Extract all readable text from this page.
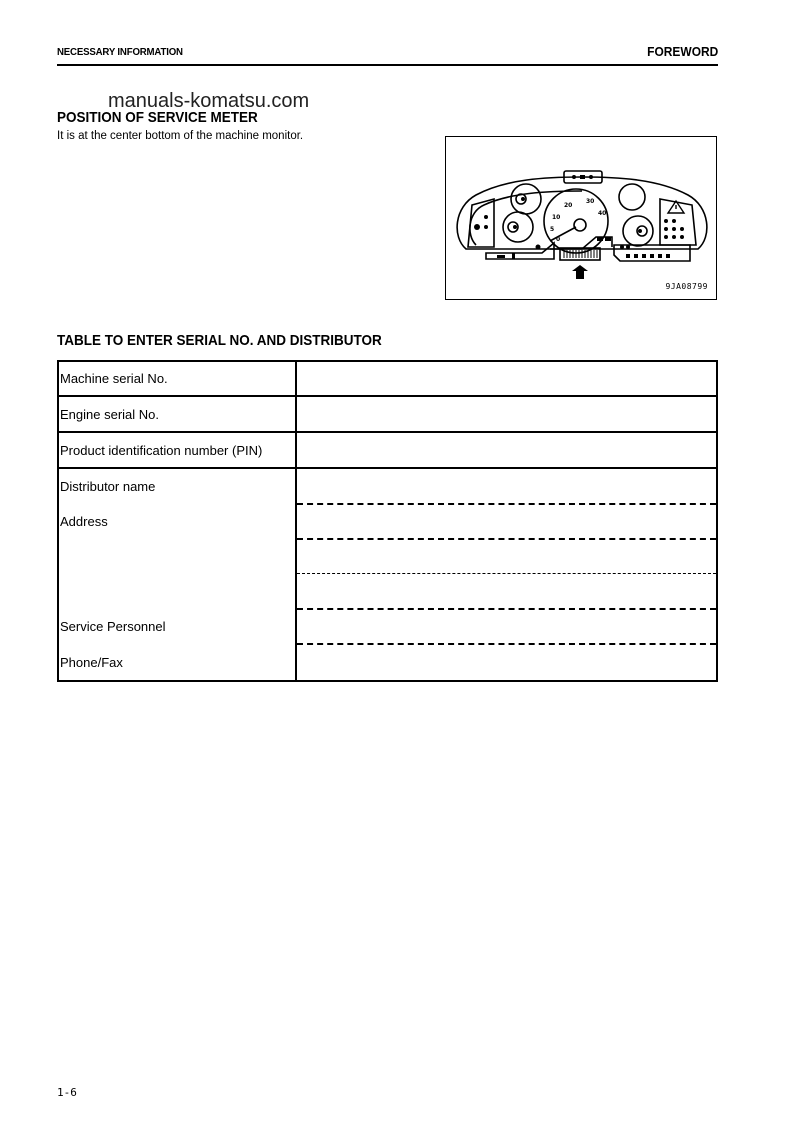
NECESSARY INFORMATION	FOREWORD
POSITION OF SERVICE METER
manuals-komatsu.com
It is at the center bottom of the machine monitor.
20
30
10
5
0
40
9JA08799
TABLE TO ENTER SERIAL NO. AND DISTRIBUTOR
Machine serial No.
Engine serial No.
Product identification number (PIN)
Distributor name
Address
Service Personnel
Phone/Fax
1-6
